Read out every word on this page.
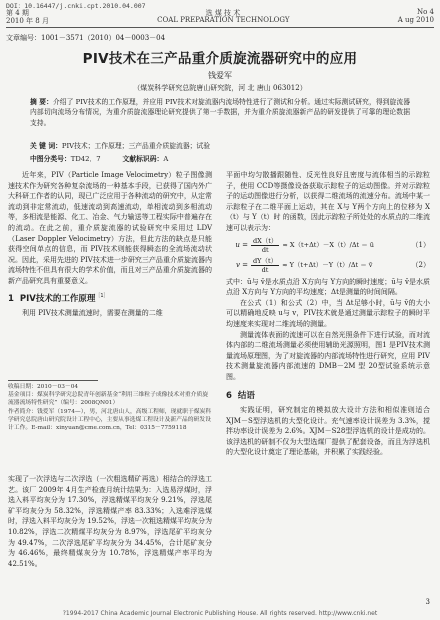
DOI：10.16447/j.cnki.cpt.2010.04.007
第 4 期	选 煤 技 术	No 4
2010 年 8 月	COAL PREPARATION TECHNOLOGY	A ug 2010
文章编号：1001－3571（2010）04－0003－04
PIV技术在三产品重介质旋流器研究中的应用
钱爱军
（煤炭科学研究总院唐山研究院，河 北 唐山 063012）
摘 要：介绍了 PIV技术的工作原理，并应用 PIV技术对旋流器内流场特性进行了测试和分析。通过实际测试研究，得到旋流器内部切向流场分布情况，为重介质旋流器理论研究提供了第一手数据，并为重介质旋流器新产品的研发提供了可靠的理论数据支持。
关 键 词：PIV技术；工作原理；三产品重介质旋流器；试验
中图分类号：TD42．7	文献标识码：A

近年来，PIV（Particle Image Velocimetry）粒子图像测速技术作为研究各种复杂流场的一种基本手段，已获得了国内外广大科研工作者的认同，现已广泛应用于各种流动的研究中，从定常流动到非定常流动，低速流动到高速流动，单相流动到多相流动等，多相流是能源、化工、冶金、气力输送等工程实际中普遍存在的流动。在此之前，重介质旋流器的试验研究中采用过 LDV（Laser Doppler Velocimetry）方法，但此方法的缺点是只能获得空间单点的信息，而 PIV技术则能获得瞬态的全流场流动状况。因此，采用先进的 PIV技术进一步研究三产品重介质旋流器内流场特性不但具有很大的学术价值，而且对三产品重介质旋流器的新产品研究具有重要意义。

1 PIV技术的工作原理$^{[1]}$

利用 PIV技术测量流速时，需要在测量的二维

收稿日期：2010－03－04
基金项目：煤炭科学研究总院青年创新基金“利用三维粒子成像技术对重介质旋流器流场特性研究”（编号：2008QN01）
作者简介：钱爱军（1974—），男，河北唐山人，高级工程师，现就职于煤炭科学研究总院唐山研究院设计工程中心，主要从事选煤工程设计及新产品的研发设计工作。E-mail：xinyuan@cme.com.cn，Tel：0315－7759118

实现了一次浮选与二次浮选（一次粗选精矿再选）相结合的浮选工艺。该厂 2009年 4月生产检查月统计结果为：入选易浮煤时，浮选入料平均灰分为 17.30%，浮选精煤平均灰分 9.21%，浮选尾矿平均灰分为 58.32%，浮选精煤产率 83.33%；入选难浮选煤时，浮选入料平均灰分为 19.52%，浮选一次粗选精煤平均灰分为 10.82%，浮选二次精煤平均灰分为 8.97%，浮选尾矿平均灰分为 49.47%，二次浮选尾矿平均灰分为 34.45%，合计尾矿灰分为 46.46%，最终精煤灰分为 10.78%，浮选精煤产率平均为 42.51%。

平面中均匀散播跟随性、反光性良好且密度与流体相当的示踪粒子，使用 CCD等摄像设备获取示踪粒子的运动图像。并对示踪粒子的运动图像进行分析，以获得二维流场的流速分布。流场中某一示踪粒子在二维平面上运动，其在 X与 Y两个方向上的位移为 X（t）与 Y（t）时 的函数，因此示踪粒子所处处的水质点的二维流速可以表示为：

$u = \frac{dX(t)}{dt} \approx X(t+\Delta t)-X(t)/\Delta t$ ＝ ū	（1）
$v = \frac{dY(t)}{dt} \approx Y(t+\Delta t)-Y(t)/\Delta t$ ＝ v̄	（2）

式中：ū与 v̄是水质点沿 X方向与 Y方向的瞬时速度；ū与 v̄是水质点沿 X方向与 Y方向的平均速度；Δt是测量的时间间隔。

在公式（1）和公式（2）中，当 Δt足够小时，ū与 v̄的大小可以精确地反映 u与 v，PIV技术就是通过测量示踪粒子的瞬时平均速度来实现对二维流场的测量。

测量流体表面的流速可以在自然光照条件下进行试验，而对流体内部的二维流场测量必须使用辅助光源照明，图1 是PIV技术测量流场原理图，为了对旋流器的内部流场特性进行研究，应用 PIV技术测量旋流器内部流速的 DMB－2M 型 20型试验系统示意图。

6 结语

实践证明，研究制定的模拟放大设计方法和相似准则适合 XJM－S型浮选机的大型化设计。充气速率设计误差为 3.3%，搅拌功率设计误差为 2.6%。XJM－S28型浮选机的设计是成功的。该浮选机的研制不仅为大型选煤厂提供了配套设备，而且为浮选机的大型化设计奠定了理论基础，并积累了实践经验。

3
?1994-2017 China Academic Journal Electronic Publishing House. All rights reserved. http://www.cnki.net
